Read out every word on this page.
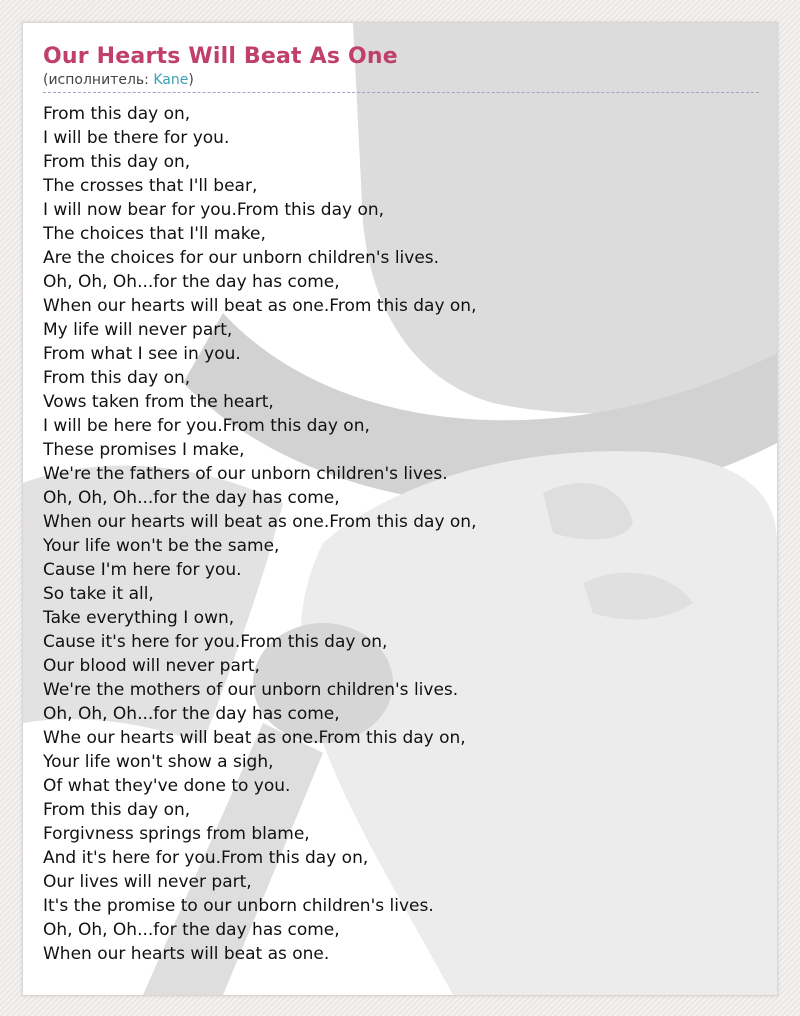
Our Hearts Will Beat As One
(исполнитель: Kane)
From this day on,
I will be there for you.
From this day on,
The crosses that I'll bear,
I will now bear for you.From this day on,
The choices that I'll make,
Are the choices for our unborn children's lives.
Oh, Oh, Oh...for the day has come,
When our hearts will beat as one.From this day on,
My life will never part,
From what I see in you.
From this day on,
Vows taken from the heart,
I will be here for you.From this day on,
These promises I make,
We're the fathers of our unborn children's lives.
Oh, Oh, Oh...for the day has come,
When our hearts will beat as one.From this day on,
Your life won't be the same,
Cause I'm here for you.
So take it all,
Take everything I own,
Cause it's here for you.From this day on,
Our blood will never part,
We're the mothers of our unborn children's lives.
Oh, Oh, Oh...for the day has come,
Whe our hearts will beat as one.From this day on,
Your life won't show a sigh,
Of what they've done to you.
From this day on,
Forgivness springs from blame,
And it's here for you.From this day on,
Our lives will never part,
It's the promise to our unborn children's lives.
Oh, Oh, Oh...for the day has come,
When our hearts will beat as one.
